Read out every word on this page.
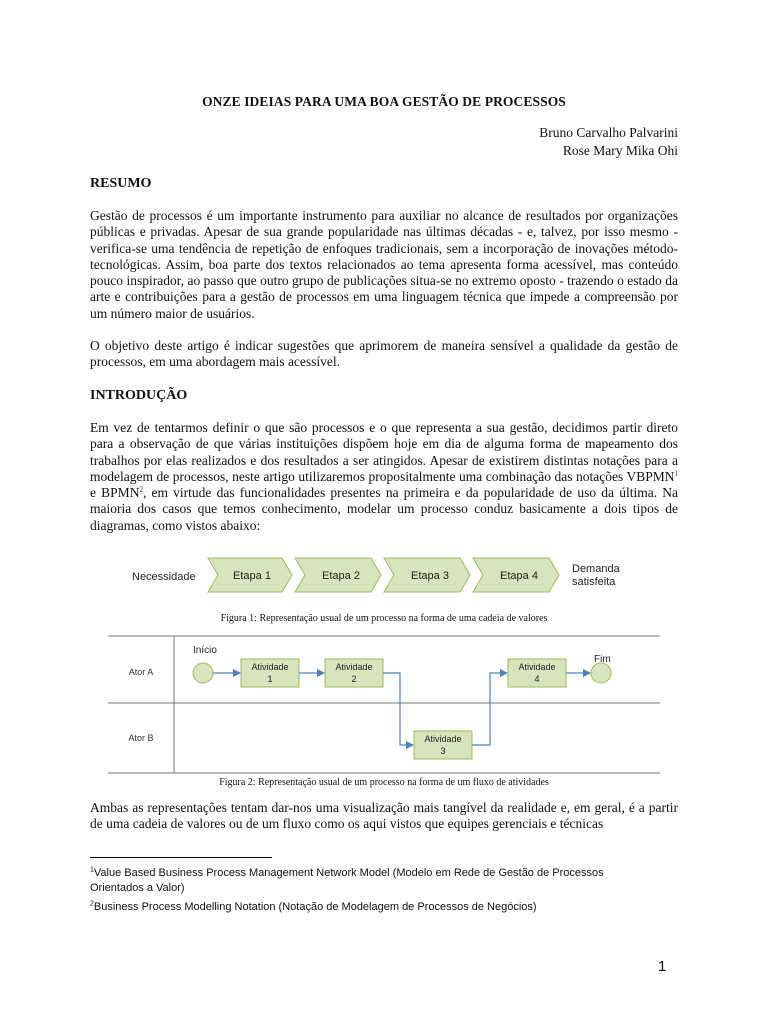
ONZE IDEIAS PARA UMA BOA GESTÃO DE PROCESSOS
Bruno Carvalho Palvarini
Rose Mary Mika Ohi
RESUMO

Gestão de processos é um importante instrumento para auxiliar no alcance de resultados por organizações públicas e privadas. Apesar de sua grande popularidade nas últimas décadas - e, talvez, por isso mesmo - verifica-se uma tendência de repetição de enfoques tradicionais, sem a incorporação de inovações método-tecnológicas. Assim, boa parte dos textos relacionados ao tema apresenta forma acessível, mas conteúdo pouco inspirador, ao passo que outro grupo de publicações situa-se no extremo oposto - trazendo o estado da arte e contribuições para a gestão de processos em uma linguagem técnica que impede a compreensão por um número maior de usuários.

O objetivo deste artigo é indicar sugestões que aprimorem de maneira sensível a qualidade da gestão de processos, em uma abordagem mais acessível.

INTRODUÇÃO

Em vez de tentarmos definir o que são processos e o que representa a sua gestão, decidimos partir direto para a observação de que várias instituições dispõem hoje em dia de alguma forma de mapeamento dos trabalhos por elas realizados e dos resultados a ser atingidos. Apesar de existirem distintas notações para a modelagem de processos, neste artigo utilizaremos propositalmente uma combinação das notações VBPMN$^1$ e BPMN$^2$, em virtude das funcionalidades presentes na primeira e da popularidade de uso da última. Na maioria dos casos que temos conhecimento, modelar um processo conduz basicamente a dois tipos de diagramas, como vistos abaixo:

Necessidade	Etapa 1	Etapa 2	Etapa 3	Etapa 4
Demanda
satisfeita
Figura 1: Representação usual de um processo na forma de uma cadeia de valores
Ator A
Ator B
Início
Atividade
1
Atividade
2
Atividade
3
Atividade
4
Fim
Figura 2: Representação usual de um processo na forma de um fluxo de atividades

Ambas as representações tentam dar-nos uma visualização mais tangível da realidade e, em geral, é a partir de uma cadeia de valores ou de um fluxo como os aqui vistos que equipes gerenciais e técnicas

$^1$Value Based Business Process Management Network Model (Modelo em Rede de Gestão de Processos
Orientados a Valor)
$^2$Business Process Modelling Notation (Notação de Modelagem de Processos de Negócios)
1
